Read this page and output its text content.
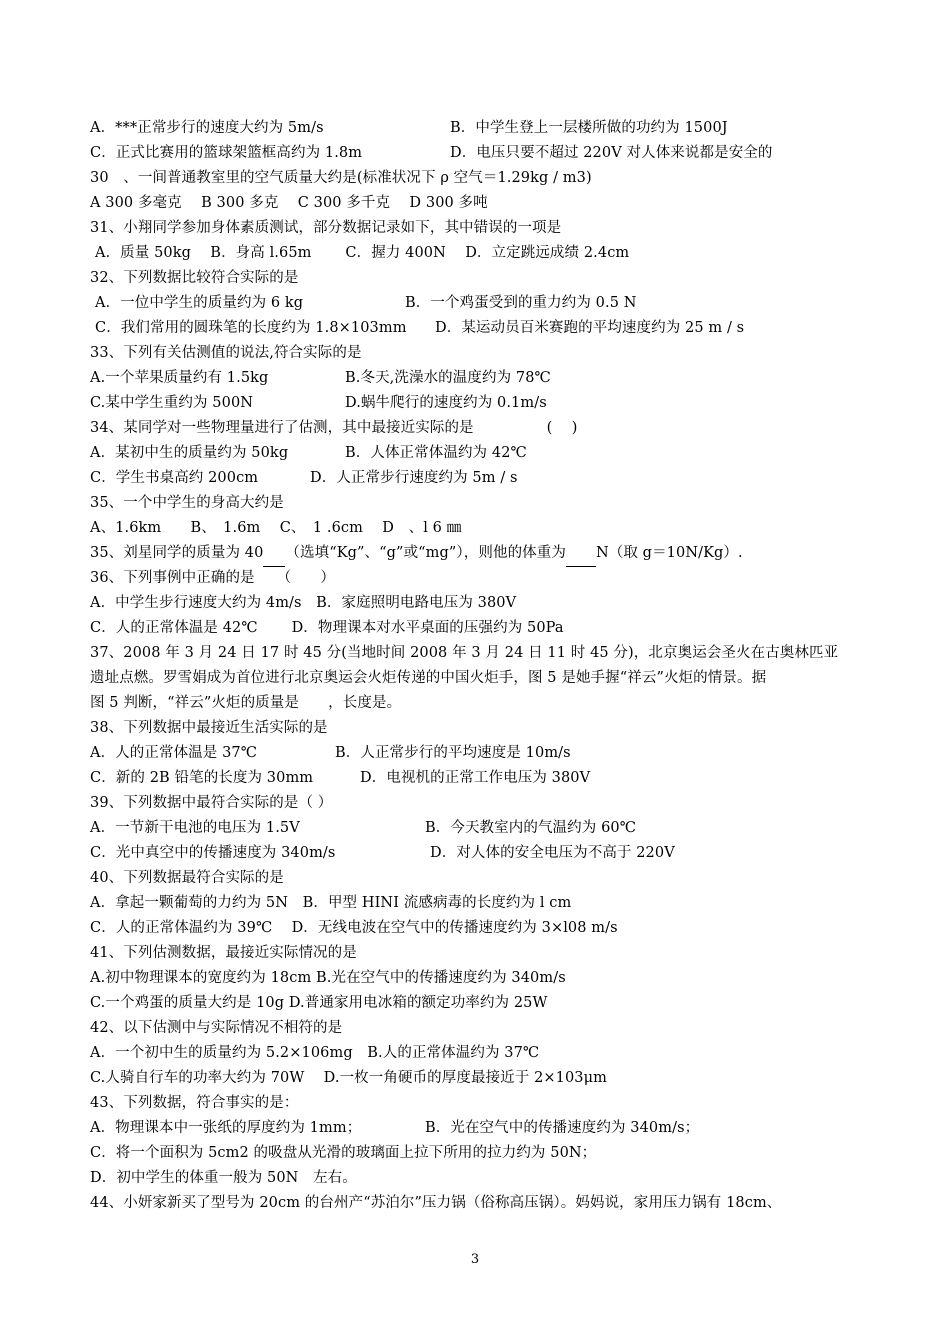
A．***正常步行的速度大约为 5m/s	B．中学生登上一层楼所做的功约为 1500J
C．正式比赛用的篮球架篮框高约为 1.8m	D．电压只要不超过 220V 对人体来说都是安全的
30　、一间普通教室里的空气质量大约是(标准状况下 ρ 空气＝1.29kg / m3)
A 300 多毫克　 B 300 多克　 C 300 多千克　 D 300 多吨
31、小翔同学参加身体素质测试，部分数据记录如下，其中错误的一项是
A．质量 50kg　 B．身高 l.65m　　 C．握力 400N　 D．立定跳远成绩 2.4cm
32、下列数据比较符合实际的是
A．一位中学生的质量约为 6 kg	B．一个鸡蛋受到的重力约为 0.5 N
C．我们常用的圆珠笔的长度约为 1.8×103mm D．某运动员百米赛跑的平均速度约为 25 m / s
33、下列有关估测值的说法,符合实际的是
A.一个苹果质量约有 1.5kg	B.冬天,洗澡水的温度约为 78℃
C.某中学生重约为 500N	D.蜗牛爬行的速度约为 0.1m/s
34、某同学对一些物理量进行了估测，其中最接近实际的是　　　　　(　 )
A．某初中生的质量约为 50kg	B．人体正常体温约为 42℃
C．学生书桌高约 200cm	D．人正常步行速度约为 5m / s
35、一个中学生的身高大约是
A、1.6km　　B、　1.6m　 C、　1 .6cm　 D　、l 6 ㎜
35、刘星同学的质量为 40 （选填“Kg”、“g”或“mg”），则他的体重为 N（取 g＝10N/Kg）.
36、下列事例中正确的是　　（　　）
A．中学生步行速度大约为 4m/s　B．家庭照明电路电压为 380V
C．人的正常体温是 42℃　　 D．物理课本对水平桌面的压强约为 50Pa
37、2008 年 3 月 24 日 17 时 45 分(当地时间 2008 年 3 月 24 日 11 时 45 分)，北京奥运会圣火在古奥林匹亚
遗址点燃。罗雪娟成为首位进行北京奥运会火炬传递的中国火炬手，图 5 是她手握“祥云”火炬的情景。据
图 5 判断，“祥云”火炬的质量是　　，长度是。
38、下列数据中最接近生活实际的是
A．人的正常体温是 37℃	B．人正常步行的平均速度是 10m/s
C．新的 2B 铅笔的长度为 30mm	D．电视机的正常工作电压为 380V
39、下列数据中最符合实际的是（ ）
A．一节新干电池的电压为 1.5V	B．今天教室内的气温约为 60℃
C．光中真空中的传播速度为 340m/s	D．对人体的安全电压为不高于 220V
40、下列数据最符合实际的是
A．拿起一颗葡萄的力约为 5N　B．甲型 HINI 流感病毒的长度约为 l cm
C．人的正常体温约为 39℃　 D．无线电波在空气中的传播速度约为 3×l08 m/s
41、下列估测数据，最接近实际情况的是
A.初中物理课本的宽度约为 18cm B.光在空气中的传播速度约为 340m/s
C.一个鸡蛋的质量大约是 10g D.普通家用电冰箱的额定功率约为 25W
42、以下估测中与实际情况不相符的是
A．一个初中生的质量约为 5.2×106mg　B.人的正常体温约为 37℃
C.人骑自行车的功率大约为 70W　 D.一枚一角硬币的厚度最接近于 2×103μm
43、下列数据，符合事实的是：
A．物理课本中一张纸的厚度约为 1mm；	B．光在空气中的传播速度约为 340m/s；
C．将一个面积为 5cm2 的吸盘从光滑的玻璃面上拉下所用的拉力约为 50N；
D．初中学生的体重一般为 50N　左右。
44、小妍家新买了型号为 20cm 的台州产“苏泊尔”压力锅（俗称高压锅）。妈妈说，家用压力锅有 18cm、
3
